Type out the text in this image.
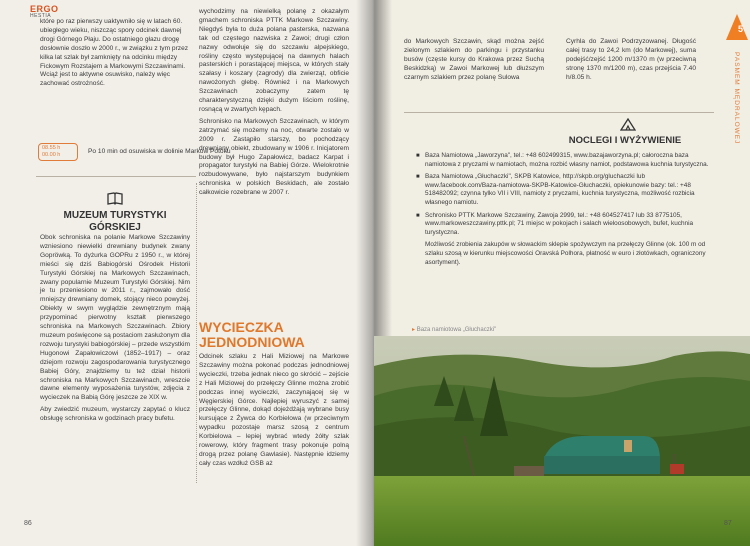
ERGO
HESTIA

którе po raz pierwszy uaktywniło się w latach 60. ubiegłego wieku, niszcząc spory odcinek dawnej drogi Górnego Płaju. Do ostatniego głazu drogę dosłownie doszło w 2000 r., w związku z tym przez kilka lat szlak był zamknięty na odcinku między Fickowym Rozstajem a Markowymi Szczawinami. Wciąż jest to aktywne osuwisko, należy więc zachować ostrożność.

08.55 h
00.00 h
Po 10 min od osuwiska w dolinie Marków Potoku
MUZEUM TURYSTYKI GÓRSKIEJ

Obok schroniska na polanie Markowe Szczawiny wzniesiono niewielki drewniany budynek zwany Gopröwką. To dyżurka GOPRu z 1950 r., w której mieści się dziś Babiogórski Ośrodek Historii Turystyki Górskiej na Markowych Szczawinach, zwany popularnie Muzeum Turystyki Górskiej. Nim je tu przeniesiono w 2011 r., zajmowało dość mniejszy drewniany domek, stojący nieco powyżej. Obiekty w swym wyglądzie zewnętrznym mają przypominać pierwotny kształt pierwszego schroniska na Markowych Szczawinach. Zbiory muzeum poświęcone są postaciom zasłużonym dla rozwoju turystyki babiogórskiej – przede wszystkim Hugonowi Zapałowiczowi (1852–1917) – oraz dziejom rozwoju zagospodarowania turystycznego Babiej Góry, znajdziemy tu też dział historii schroniska na Markowych Szczawinach, wreszcie dawne elementy wyposażenia turystów, zdjęcia z wycieczek na Babią Górę jeszcze ze XIX w.

Aby zwiedzić muzeum, wystarczy zapytać o klucz obsługę schroniska w godzinach pracy bufetu.

wychodzimy na niewielką polanę z okazałym gmachem schroniska PTTK Markowe Szczawiny. Niegdyś była to duża polana pasterska, nazwana tak od częstego nazwiska z Zawoi; drugi człon nazwy odwołuje się do szczawiu alpejskiego, rośliny często występującej na dawnych halach pasterskich i porastającej miejsca, w których stały szałasy i koszary (zagrody) dla zwierząt, obficie nawożonych glebę. Również i na Markowych Szczawinach zobaczymy zatem tę charakterystyczną dzięki dużym liściom roślinę, rosnącą w zwartych kępach.

Schronisko na Markowych Szczawinach, w którym zatrzymać się możemy na noc, otwarte zostało w 2009 r. Zastąpiło starszy, bo pochodzący drewniany obiekt, zbudowany w 1906 r. Inicjatorem budowy był Hugo Zapałowicz, badacz Karpat i propagator turystyki na Babiej Górze. Wielokrotnie rozbudowywane, było najstarszym budynkiem schroniska w polskich Beskidach, ale zostało całkowicie rozebrane w 2007 r.

WYCIECZKA JEDNODNIOWA

Odcinek szlaku z Hali Miziowej na Markowe Szczawiny można pokonać podczas jednodniowej wycieczki, trzeba jednak nieco go skrócić – zejście z Hali Miziowej do przełęczy Glinne można zrobić podczas innej wycieczki, zaczynającej się w Węgierskiej Górce. Najlepiej wyruszyć z samej przełęczy Glinne, dokąd dojeżdżają wybrane busy kursujące z Żywca do Korbielowa (w przeciwnym wypadku pozostaje marsz szosą z centrum Korbielowa – lepiej wybrać wtedy żółty szlak rowerowy, który fragment trasy pokonuje polną drogą przez polanę Gawlasie). Następnie idziemy cały czas wzdłuż GSB aż

86

do Markowych Szczawin, skąd można zejść zielonym szlakiem do parkingu i przystanku busów (częste kursy do Krakowa przez Suchą Beskidzką) w Zawoi Markowej lub dłuższym czarnym szlakiem przez polanę Sulowa

Cyrhla do Zawoi Podrzyzowanej. Długość całej trasy to 24,2 km (do Markowej), suma podejść/zejść 1200 m/1370 m (w przeciwną stronę 1370 m/1200 m), czas przejścia 7.40 h/8.05 h.

5
PASMEM MĘDRALOWEJ
NOCLEGI I WYŻYWIENIE
■ Baza Namiotowa „Jaworzyna", tel.: +48 602499315, www.bazajaworzyna.pl; całoroczna baza namiotowa z pryczami w namiotach, można rozbić własny namiot, podstawowa kuchnia turystyczna.
■ Baza Namiotowa „Głuchaczki", SKPB Katowice, http://skpb.org/gluchaczki lub www.facebook.com/Baza-namiotowa-SKPB-Katowice-Głuchaczki, opiekunowie bazy: tel.: +48 518482092; czynna tylko VII i VIII, namioty z pryczami, kuchnia turystyczna, możliwość rozbicia własnego namiotu.
■ Schronisko PTTK Markowe Szczawiny, Zawoja 2999, tel.: +48 604527417 lub 33 8775105, www.markoweszczawiny.pttk.pl; 71 miejsc w pokojach i salach wieloosobowych, bufet, kuchnia turystyczna.
Możliwość zrobienia zakupów w słowackim sklepie spożywczym na przełęczy Glinne (ok. 100 m od szlaku szosą w kierunku miejscowości Oravská Polhora, płatność w euro i złotówkach, ograniczony asortyment).
▸ Baza namiotowa „Głuchaczki"
87
